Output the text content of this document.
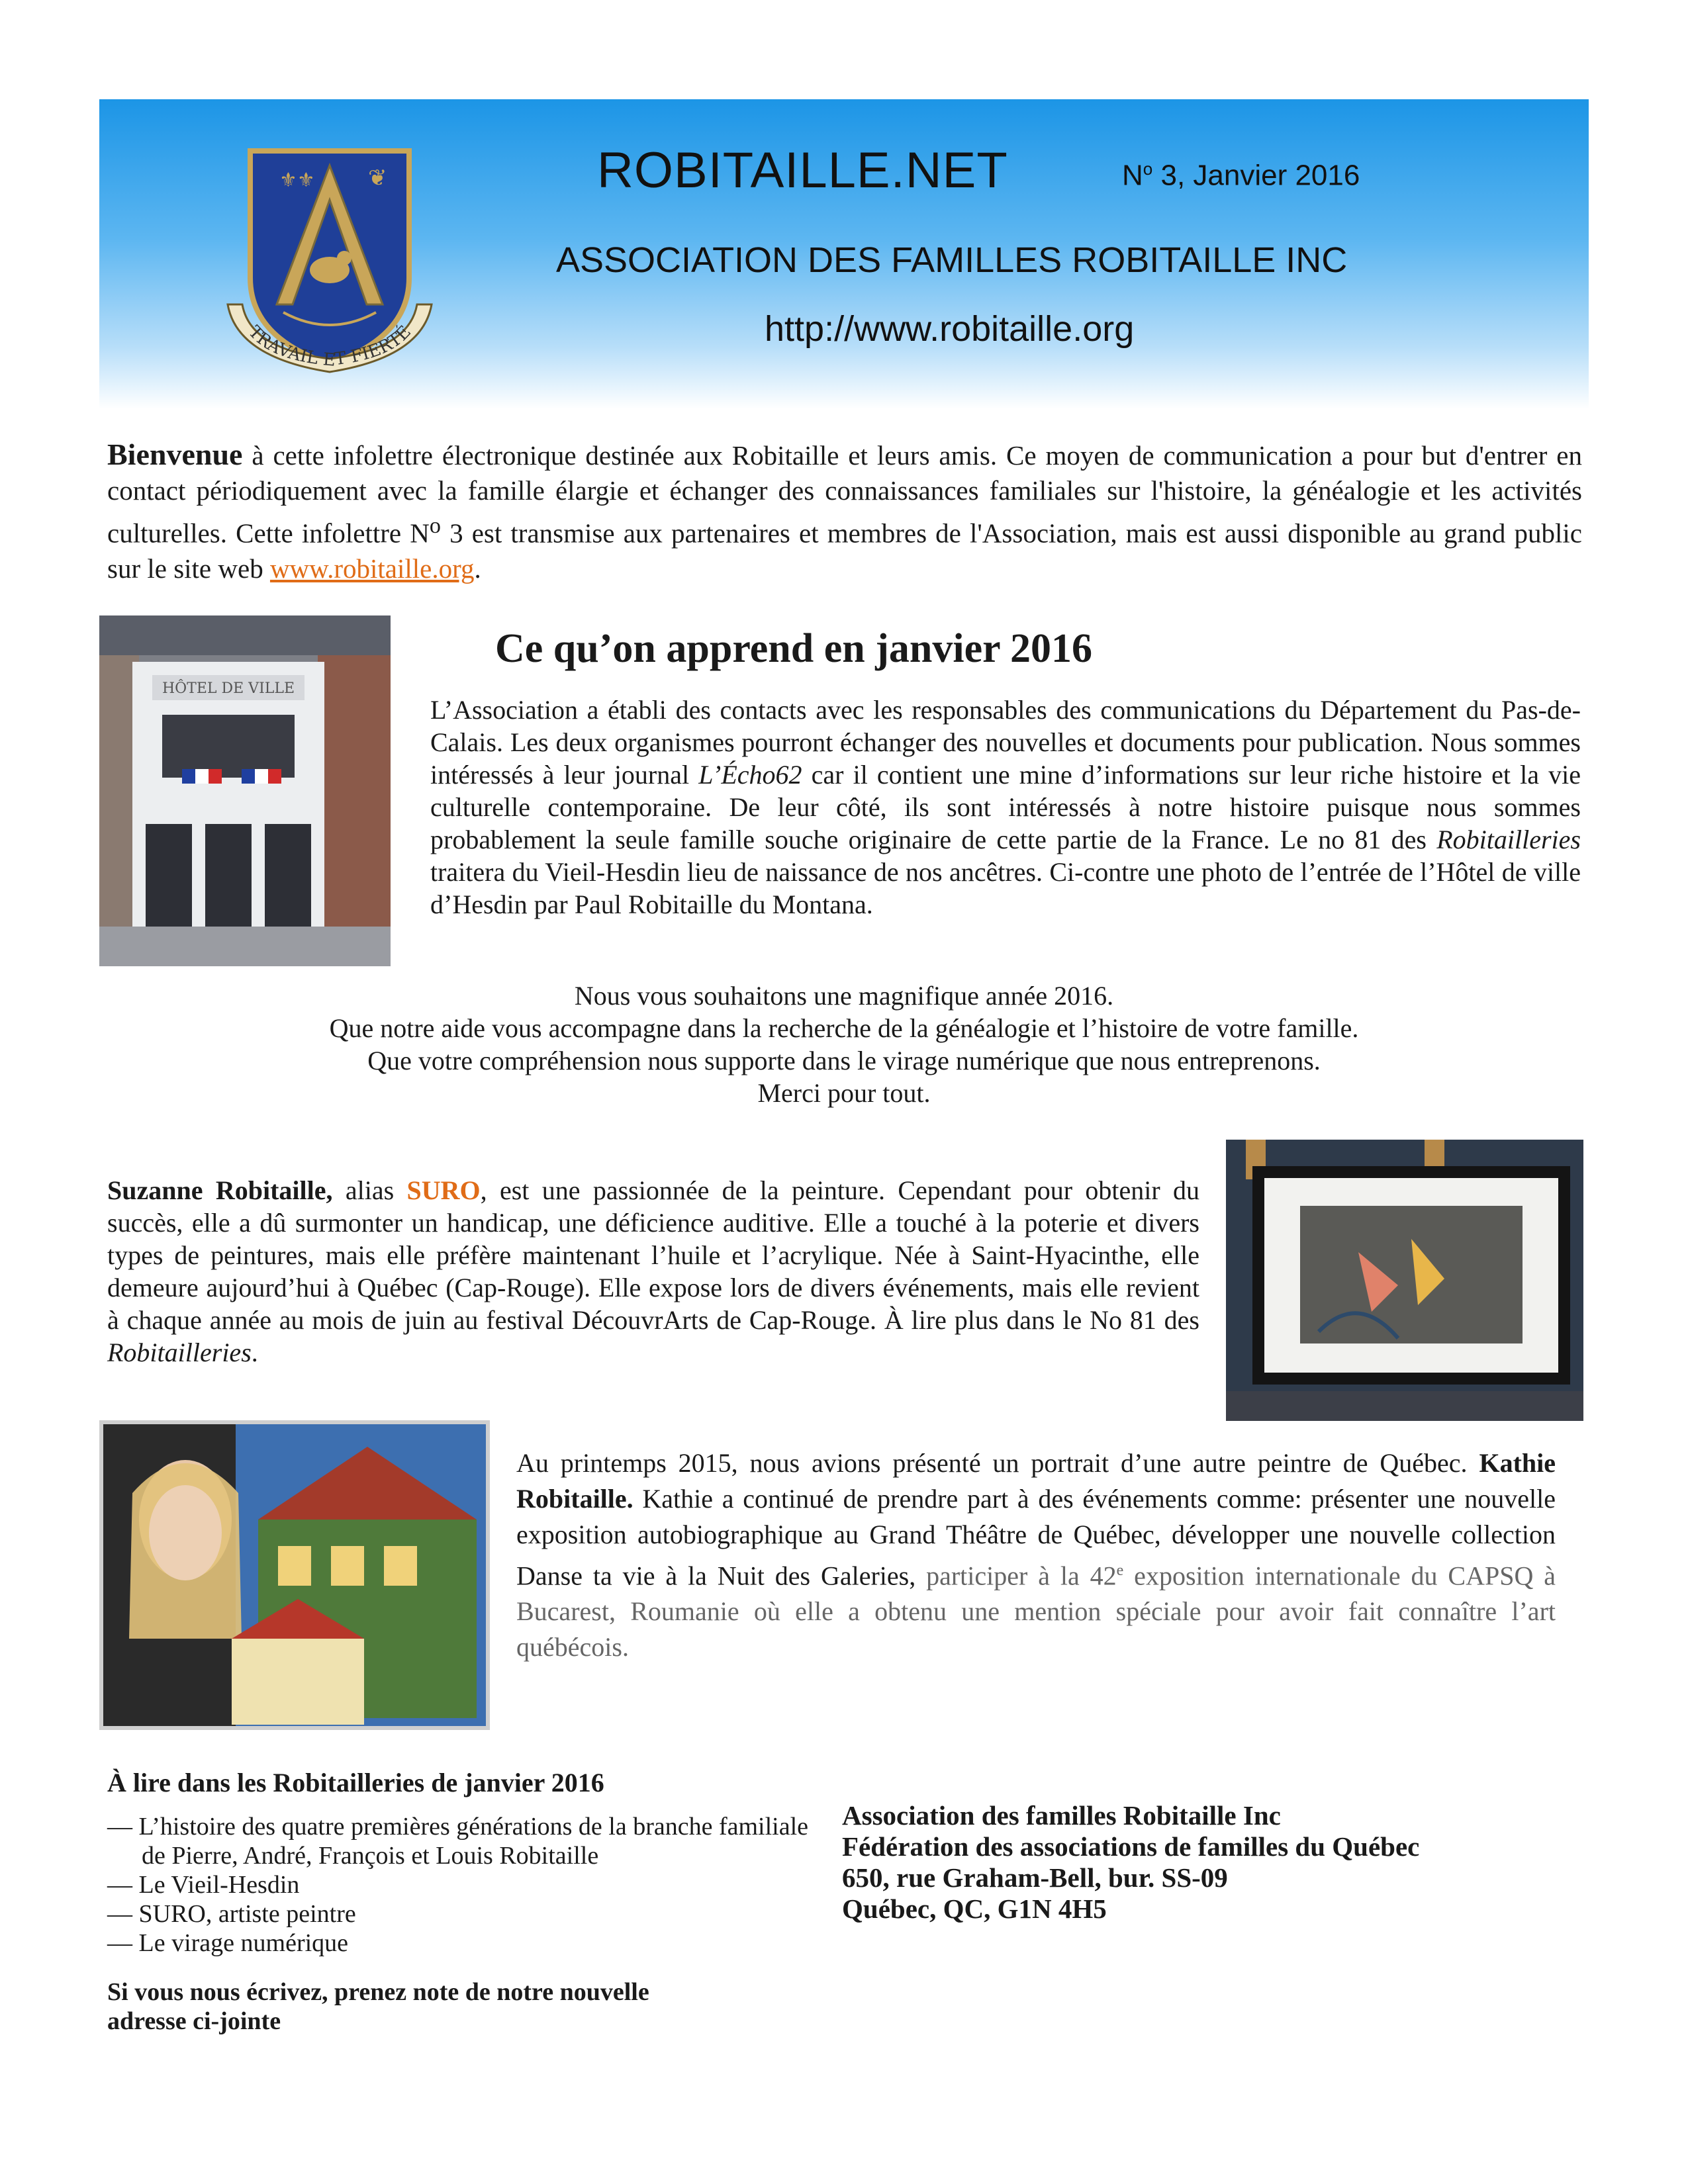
⚜⚜ ❦
TRAVAIL ET FIERTÉ
ROBITAILLE.NET	$N^o$ 3, Janvier 2016
ASSOCIATION DES FAMILLES ROBITAILLE INC
http://www.robitaille.org
Bienvenue à cette infolettre électronique destinée aux Robitaille et leurs amis. Ce moyen de communication a pour but d'entrer en contact périodiquement avec la famille élargie et échanger des connaissances familiales sur l'histoire, la généalogie et les activités culturelles. Cette infolettre $N^o$ 3 est transmise aux partenaires et membres de l'Association, mais est aussi disponible au grand public sur le site web www.robitaille.org.
HÔTEL DE VILLE
Ce qu’on apprend en janvier 2016
L’Association a établi des contacts avec les responsables des communications du Département du Pas-de-Calais. Les deux organismes pourront échanger des nouvelles et documents pour publication. Nous sommes intéressés à leur journal L’Écho62 car il contient une mine d’informations sur leur riche histoire et la vie culturelle contemporaine. De leur côté, ils sont intéressés à notre histoire puisque nous sommes probablement la seule famille souche originaire de cette partie de la France. Le no 81 des Robitailleries traitera du Vieil-Hesdin lieu de naissance de nos ancêtres. Ci-contre une photo de l’entrée de l’Hôtel de ville d’Hesdin par Paul Robitaille du Montana.
Nous vous souhaitons une magnifique année 2016.
Que notre aide vous accompagne dans la recherche de la généalogie et l’histoire de votre famille.
Que votre compréhension nous supporte dans le virage numérique que nous entreprenons.
Merci pour tout.
Suzanne Robitaille, alias SURO, est une passionnée de la peinture. Cependant pour obtenir du succès, elle a dû surmonter un handicap, une déficience auditive. Elle a touché à la poterie et divers types de peintures, mais elle préfère maintenant l’huile et l’acrylique. Née à Saint-Hyacinthe, elle demeure aujourd’hui à Québec (Cap-Rouge). Elle expose lors de divers événements, mais elle revient à chaque année au mois de juin au festival DécouvrArts de Cap-Rouge. À lire plus dans le No 81 des Robitailleries.
Au printemps 2015, nous avions présenté un portrait d’une autre peintre de Québec. Kathie Robitaille. Kathie a continué de prendre part à des événements comme: présenter une nouvelle exposition autobiographique au Grand Théâtre de Québec, développer une nouvelle collection Danse ta vie à la Nuit des Galeries, participer à la 42e exposition internationale du CAPSQ à Bucarest, Roumanie où elle a obtenu une mention spéciale pour avoir fait connaître l’art québécois.
À lire dans les Robitailleries de janvier 2016
— L’histoire des quatre premières générations de la branche familiale de Pierre, André, François et Louis Robitaille
— Le Vieil-Hesdin
— SURO, artiste peintre
— Le virage numérique
Si vous nous écrivez, prenez note de notre nouvelle adresse ci-jointe
Association des familles Robitaille Inc
Fédération des associations de familles du Québec
650, rue Graham-Bell, bur. SS-09
Québec, QC, G1N 4H5
